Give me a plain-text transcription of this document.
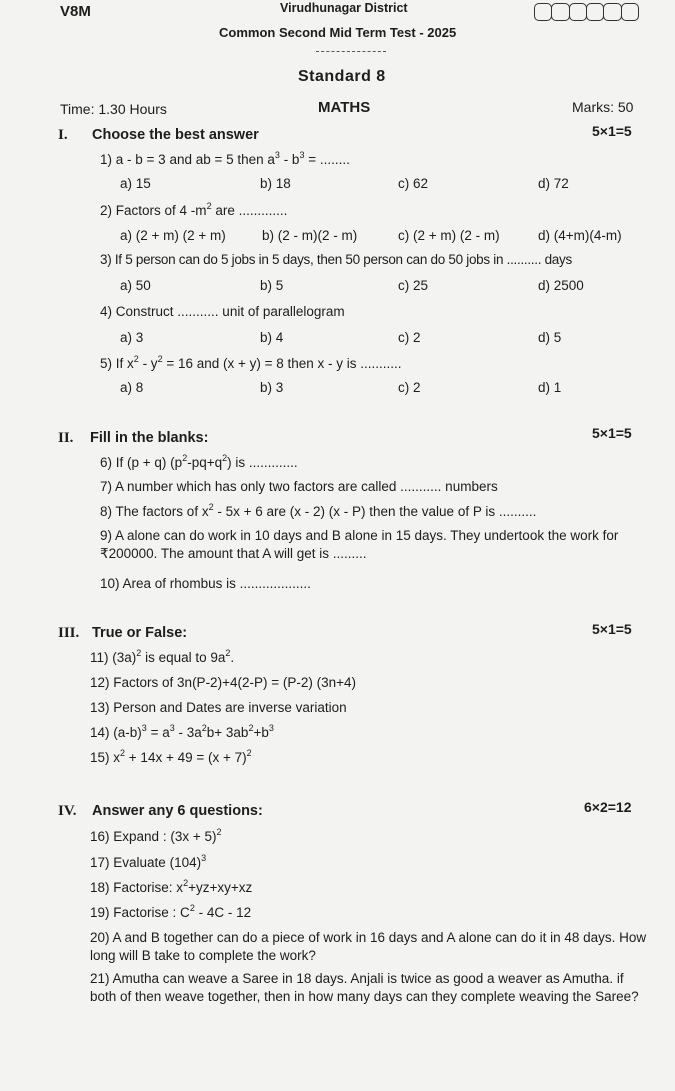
V8M	Virudhunagar District
Common Second Mid Term Test - 2025
Standard 8
Time: 1.30 Hours	MATHS	Marks: 50
I. Choose the best answer	5×1=5
1) a - b = 3 and ab = 5 then $a^3 - b^3$ = ........
a) 15	b) 18	c) 62	d) 72
2) Factors of 4 $-m^2$ are .............
a) (2 + m) (2 + m)	b) (2 - m)(2 - m)	c) (2 + m) (2 - m)	d) (4+m)(4-m)
3) If 5 person can do 5 jobs in 5 days, then 50 person can do 50 jobs in .......... days
a) 50	b) 5	c) 25	d) 2500
4) Construct ........... unit of parallelogram
a) 3	b) 4	c) 2	d) 5
5) If $x^2 - y^2 = 16$ and (x + y) = 8 then x - y is ...........
a) 8	b) 3	c) 2	d) 1
II. Fill in the blanks:	5×1=5
6) If (p + q) $(p^2-pq+q^2)$ is .............
7) A number which has only two factors are called ........... numbers
8) The factors of $x^2 - 5x + 6$ are (x - 2) (x - P) then the value of P is ..........
9) A alone can do work in 10 days and B alone in 15 days. They undertook the work for ₹200000. The amount that A will get is .........
10) Area of rhombus is ...................
III. True or False:	5×1=5
11) $(3a)^2$ is equal to $9a^2$.
12) Factors of 3n(P-2)+4(2-P) = (P-2) (3n+4)
13) Person and Dates are inverse variation
14) $(a-b)^3 = a^3 - 3a^2b+ 3ab^2+b^3$
15) $x^2 + 14x + 49 = (x + 7)^2$
IV. Answer any 6 questions:	6×2=12
16) Expand : $(3x + 5)^2$
17) Evaluate $(104)^3$
18) Factorise: $x^2+yz+xy+xz$
19) Factorise : $C^2 - 4C - 12$
20) A and B together can do a piece of work in 16 days and A alone can do it in 48 days. How long will B take to complete the work?
21) Amutha can weave a Saree in 18 days. Anjali is twice as good a weaver as Amutha. if both of then weave together, then in how many days can they complete weaving the Saree?
